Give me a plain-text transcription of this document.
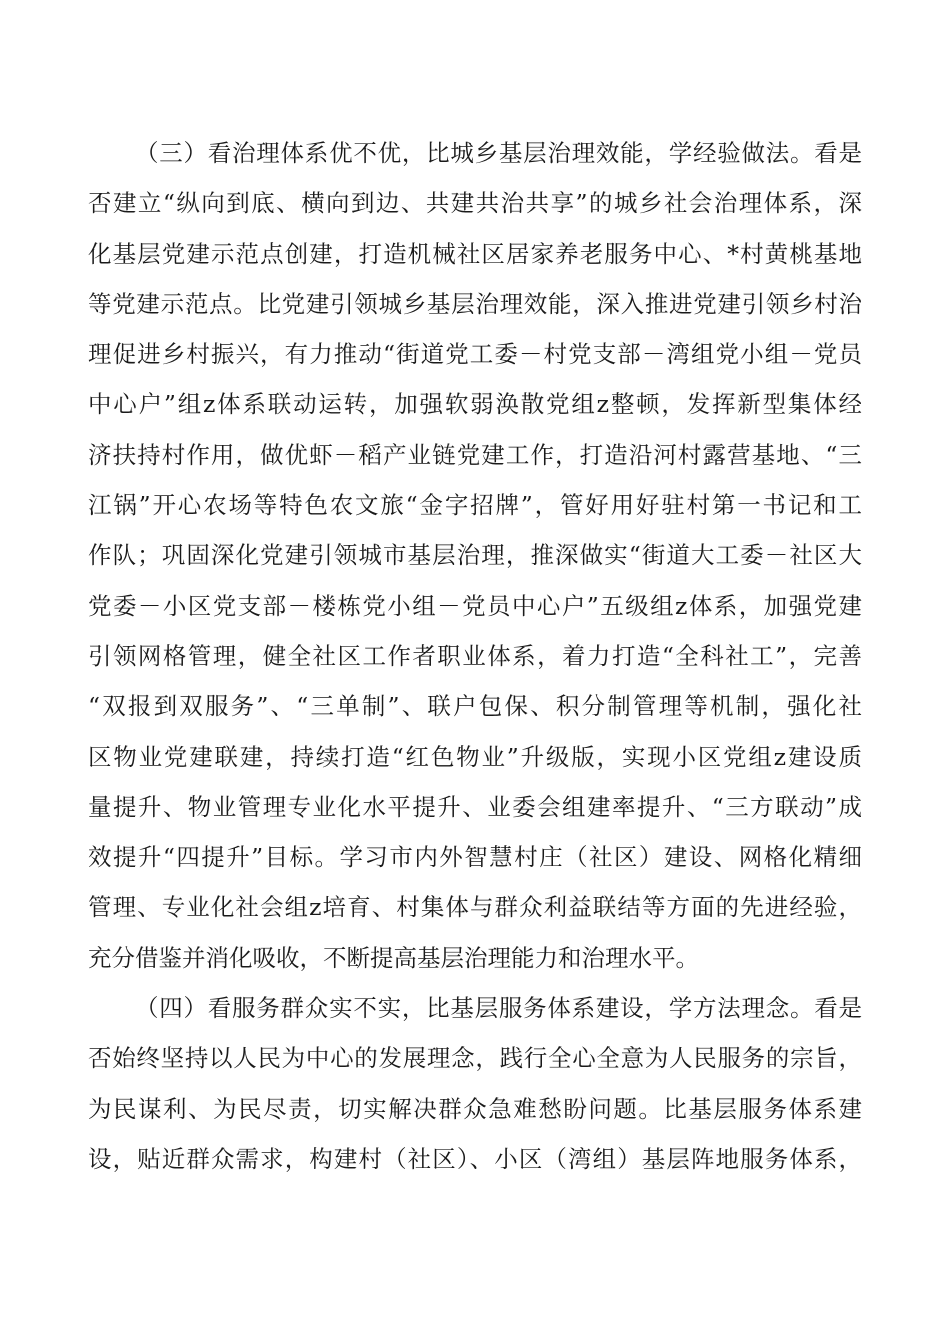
（三）看治理体系优不优，比城乡基层治理效能，学经验做法。看是
否建立“纵向到底、横向到边、共建共治共享”的城乡社会治理体系，深
化基层党建示范点创建，打造机械社区居家养老服务中心、*村黄桃基地
等党建示范点。比党建引领城乡基层治理效能，深入推进党建引领乡村治
理促进乡村振兴，有力推动“街道党工委－村党支部－湾组党小组－党员
中心户”组z体系联动运转，加强软弱涣散党组z整顿，发挥新型集体经
济扶持村作用，做优虾－稻产业链党建工作，打造沿河村露营基地、“三
江锅”开心农场等特色农文旅“金字招牌”，管好用好驻村第一书记和工
作队；巩固深化党建引领城市基层治理，推深做实“街道大工委－社区大
党委－小区党支部－楼栋党小组－党员中心户”五级组z体系，加强党建
引领网格管理，健全社区工作者职业体系，着力打造“全科社工”，完善
“双报到双服务”、“三单制”、联户包保、积分制管理等机制，强化社
区物业党建联建，持续打造“红色物业”升级版，实现小区党组z建设质
量提升、物业管理专业化水平提升、业委会组建率提升、“三方联动”成
效提升“四提升”目标。学习市内外智慧村庄（社区）建设、网格化精细
管理、专业化社会组z培育、村集体与群众利益联结等方面的先进经验，
充分借鉴并消化吸收，不断提高基层治理能力和治理水平。
（四）看服务群众实不实，比基层服务体系建设，学方法理念。看是
否始终坚持以人民为中心的发展理念，践行全心全意为人民服务的宗旨，
为民谋利、为民尽责，切实解决群众急难愁盼问题。比基层服务体系建
设，贴近群众需求，构建村（社区）、小区（湾组）基层阵地服务体系，
